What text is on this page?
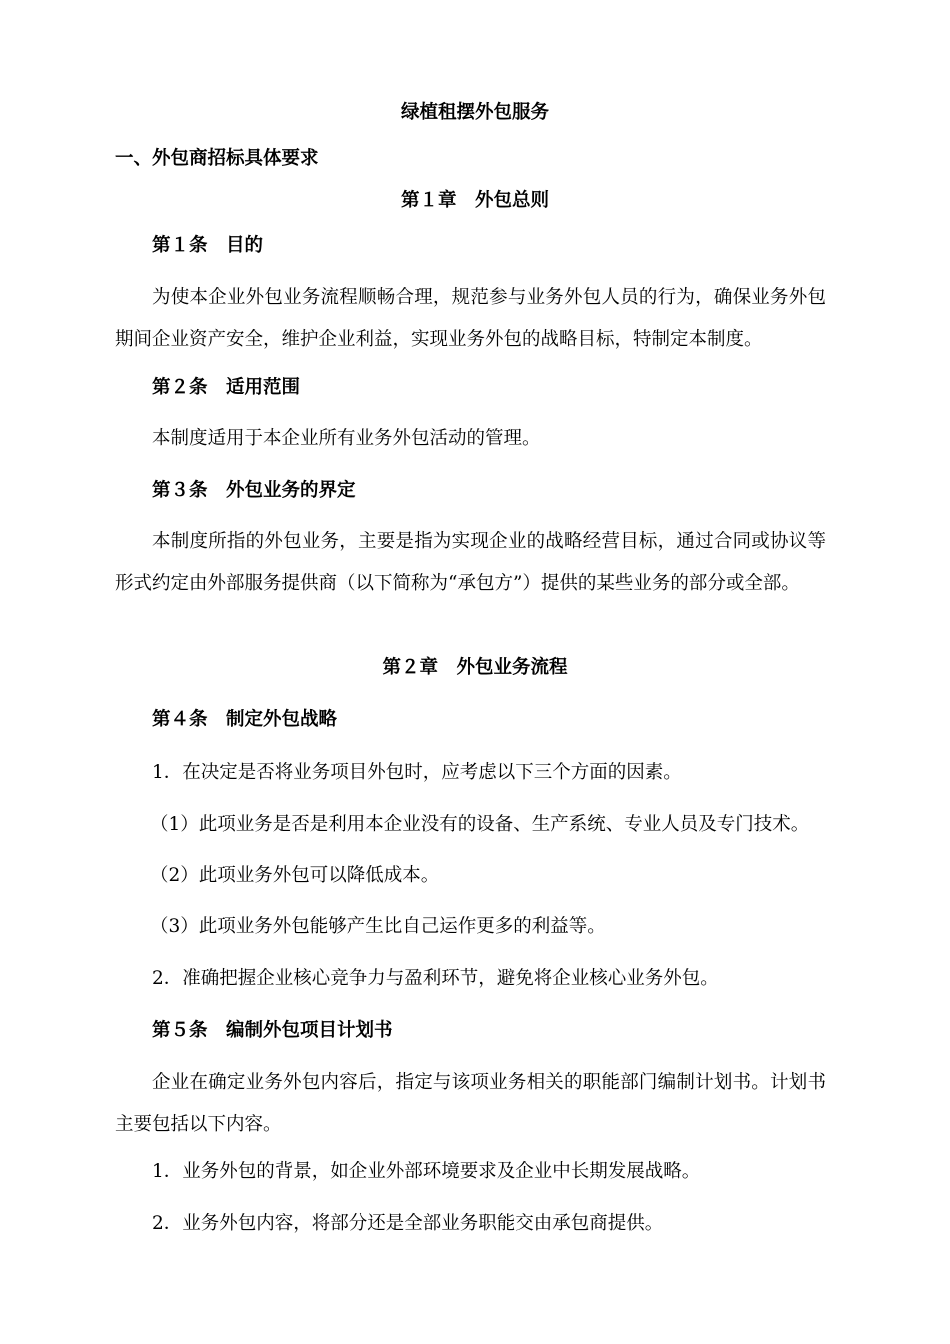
绿植租摆外包服务

一、外包商招标具体要求

第１章　外包总则

第１条　目的

为使本企业外包业务流程顺畅合理，规范参与业务外包人员的行为，确保业务外包期间企业资产安全，维护企业利益，实现业务外包的战略目标，特制定本制度。

第２条　适用范围

本制度适用于本企业所有业务外包活动的管理。

第３条　外包业务的界定

本制度所指的外包业务，主要是指为实现企业的战略经营目标，通过合同或协议等形式约定由外部服务提供商（以下简称为“承包方”）提供的某些业务的部分或全部。

第２章　外包业务流程

第４条　制定外包战略

1．在决定是否将业务项目外包时，应考虑以下三个方面的因素。

（1）此项业务是否是利用本企业没有的设备、生产系统、专业人员及专门技术。

（2）此项业务外包可以降低成本。

（3）此项业务外包能够产生比自己运作更多的利益等。

2．准确把握企业核心竞争力与盈利环节，避免将企业核心业务外包。

第５条　编制外包项目计划书

企业在确定业务外包内容后，指定与该项业务相关的职能部门编制计划书。计划书主要包括以下内容。

1．业务外包的背景，如企业外部环境要求及企业中长期发展战略。

2．业务外包内容，将部分还是全部业务职能交由承包商提供。
